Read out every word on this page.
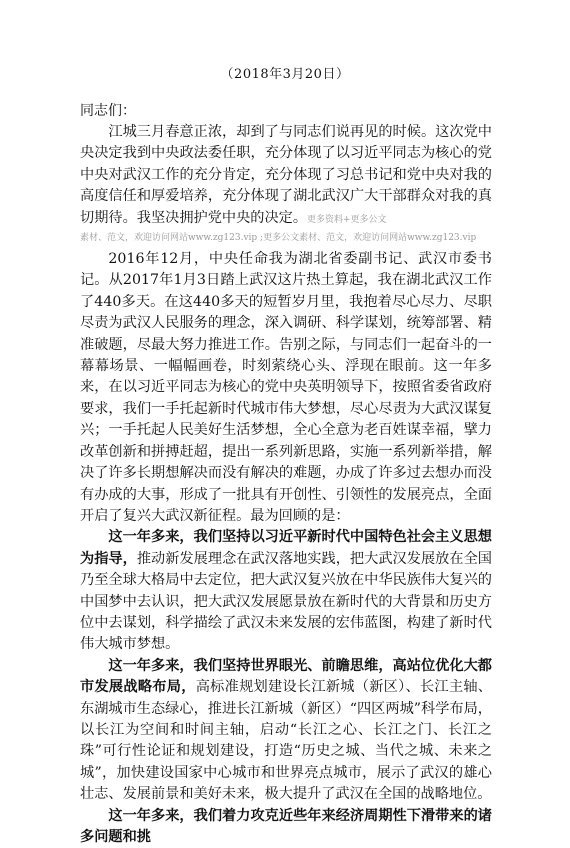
（2018年3月20日）
同志们：

江城三月春意正浓，却到了与同志们说再见的时候。这次党中央决定我到中央政法委任职，充分体现了以习近平同志为核心的党中央对武汉工作的充分肯定，充分体现了习总书记和党中央对我的高度信任和厚爱培养，充分体现了湖北武汉广大干部群众对我的真切期待。我坚决拥护党中央的决定。更多资料+更多公文

素材、范文，欢迎访问网站www.zg123.vip ;更多公文素材、范文，欢迎访问网站www.zg123.vip

2016年12月，中央任命我为湖北省委副书记、武汉市委书记。从2017年1月3日踏上武汉这片热土算起，我在湖北武汉工作了440多天。在这440多天的短暂岁月里，我抱着尽心尽力、尽职尽责为武汉人民服务的理念，深入调研、科学谋划，统筹部署、精准破题，尽最大努力推进工作。告别之际，与同志们一起奋斗的一幕幕场景、一幅幅画卷，时刻萦绕心头、浮现在眼前。这一年多来，在以习近平同志为核心的党中央英明领导下，按照省委省政府要求，我们一手托起新时代城市伟大梦想，尽心尽责为大武汉谋复兴；一手托起人民美好生活梦想，全心全意为老百姓谋幸福，擘力改革创新和拼搏赶超，提出一系列新思路，实施一系列新举措，解决了许多长期想解决而没有解决的难题，办成了许多过去想办而没有办成的大事，形成了一批具有开创性、引领性的发展亮点，全面开启了复兴大武汉新征程。最为回顾的是：

这一年多来，我们坚持以习近平新时代中国特色社会主义思想为指导，推动新发展理念在武汉落地实践，把大武汉发展放在全国乃至全球大格局中去定位，把大武汉复兴放在中华民族伟大复兴的中国梦中去认识，把大武汉发展愿景放在新时代的大背景和历史方位中去谋划，科学描绘了武汉未来发展的宏伟蓝图，构建了新时代伟大城市梦想。

这一年多来，我们坚持世界眼光、前瞻思维，高站位优化大都市发展战略布局，高标准规划建设长江新城（新区）、长江主轴、东湖城市生态绿心，推进长江新城（新区）“四区两城”科学布局，以长江为空间和时间主轴，启动“长江之心、长江之门、长江之珠”可行性论证和规划建设，打造“历史之城、当代之城、未来之城”，加快建设国家中心城市和世界亮点城市，展示了武汉的雄心壮志、发展前景和美好未来，极大提升了武汉在全国的战略地位。

这一年多来，我们着力攻克近些年来经济周期性下滑带来的诸多问题和挑
